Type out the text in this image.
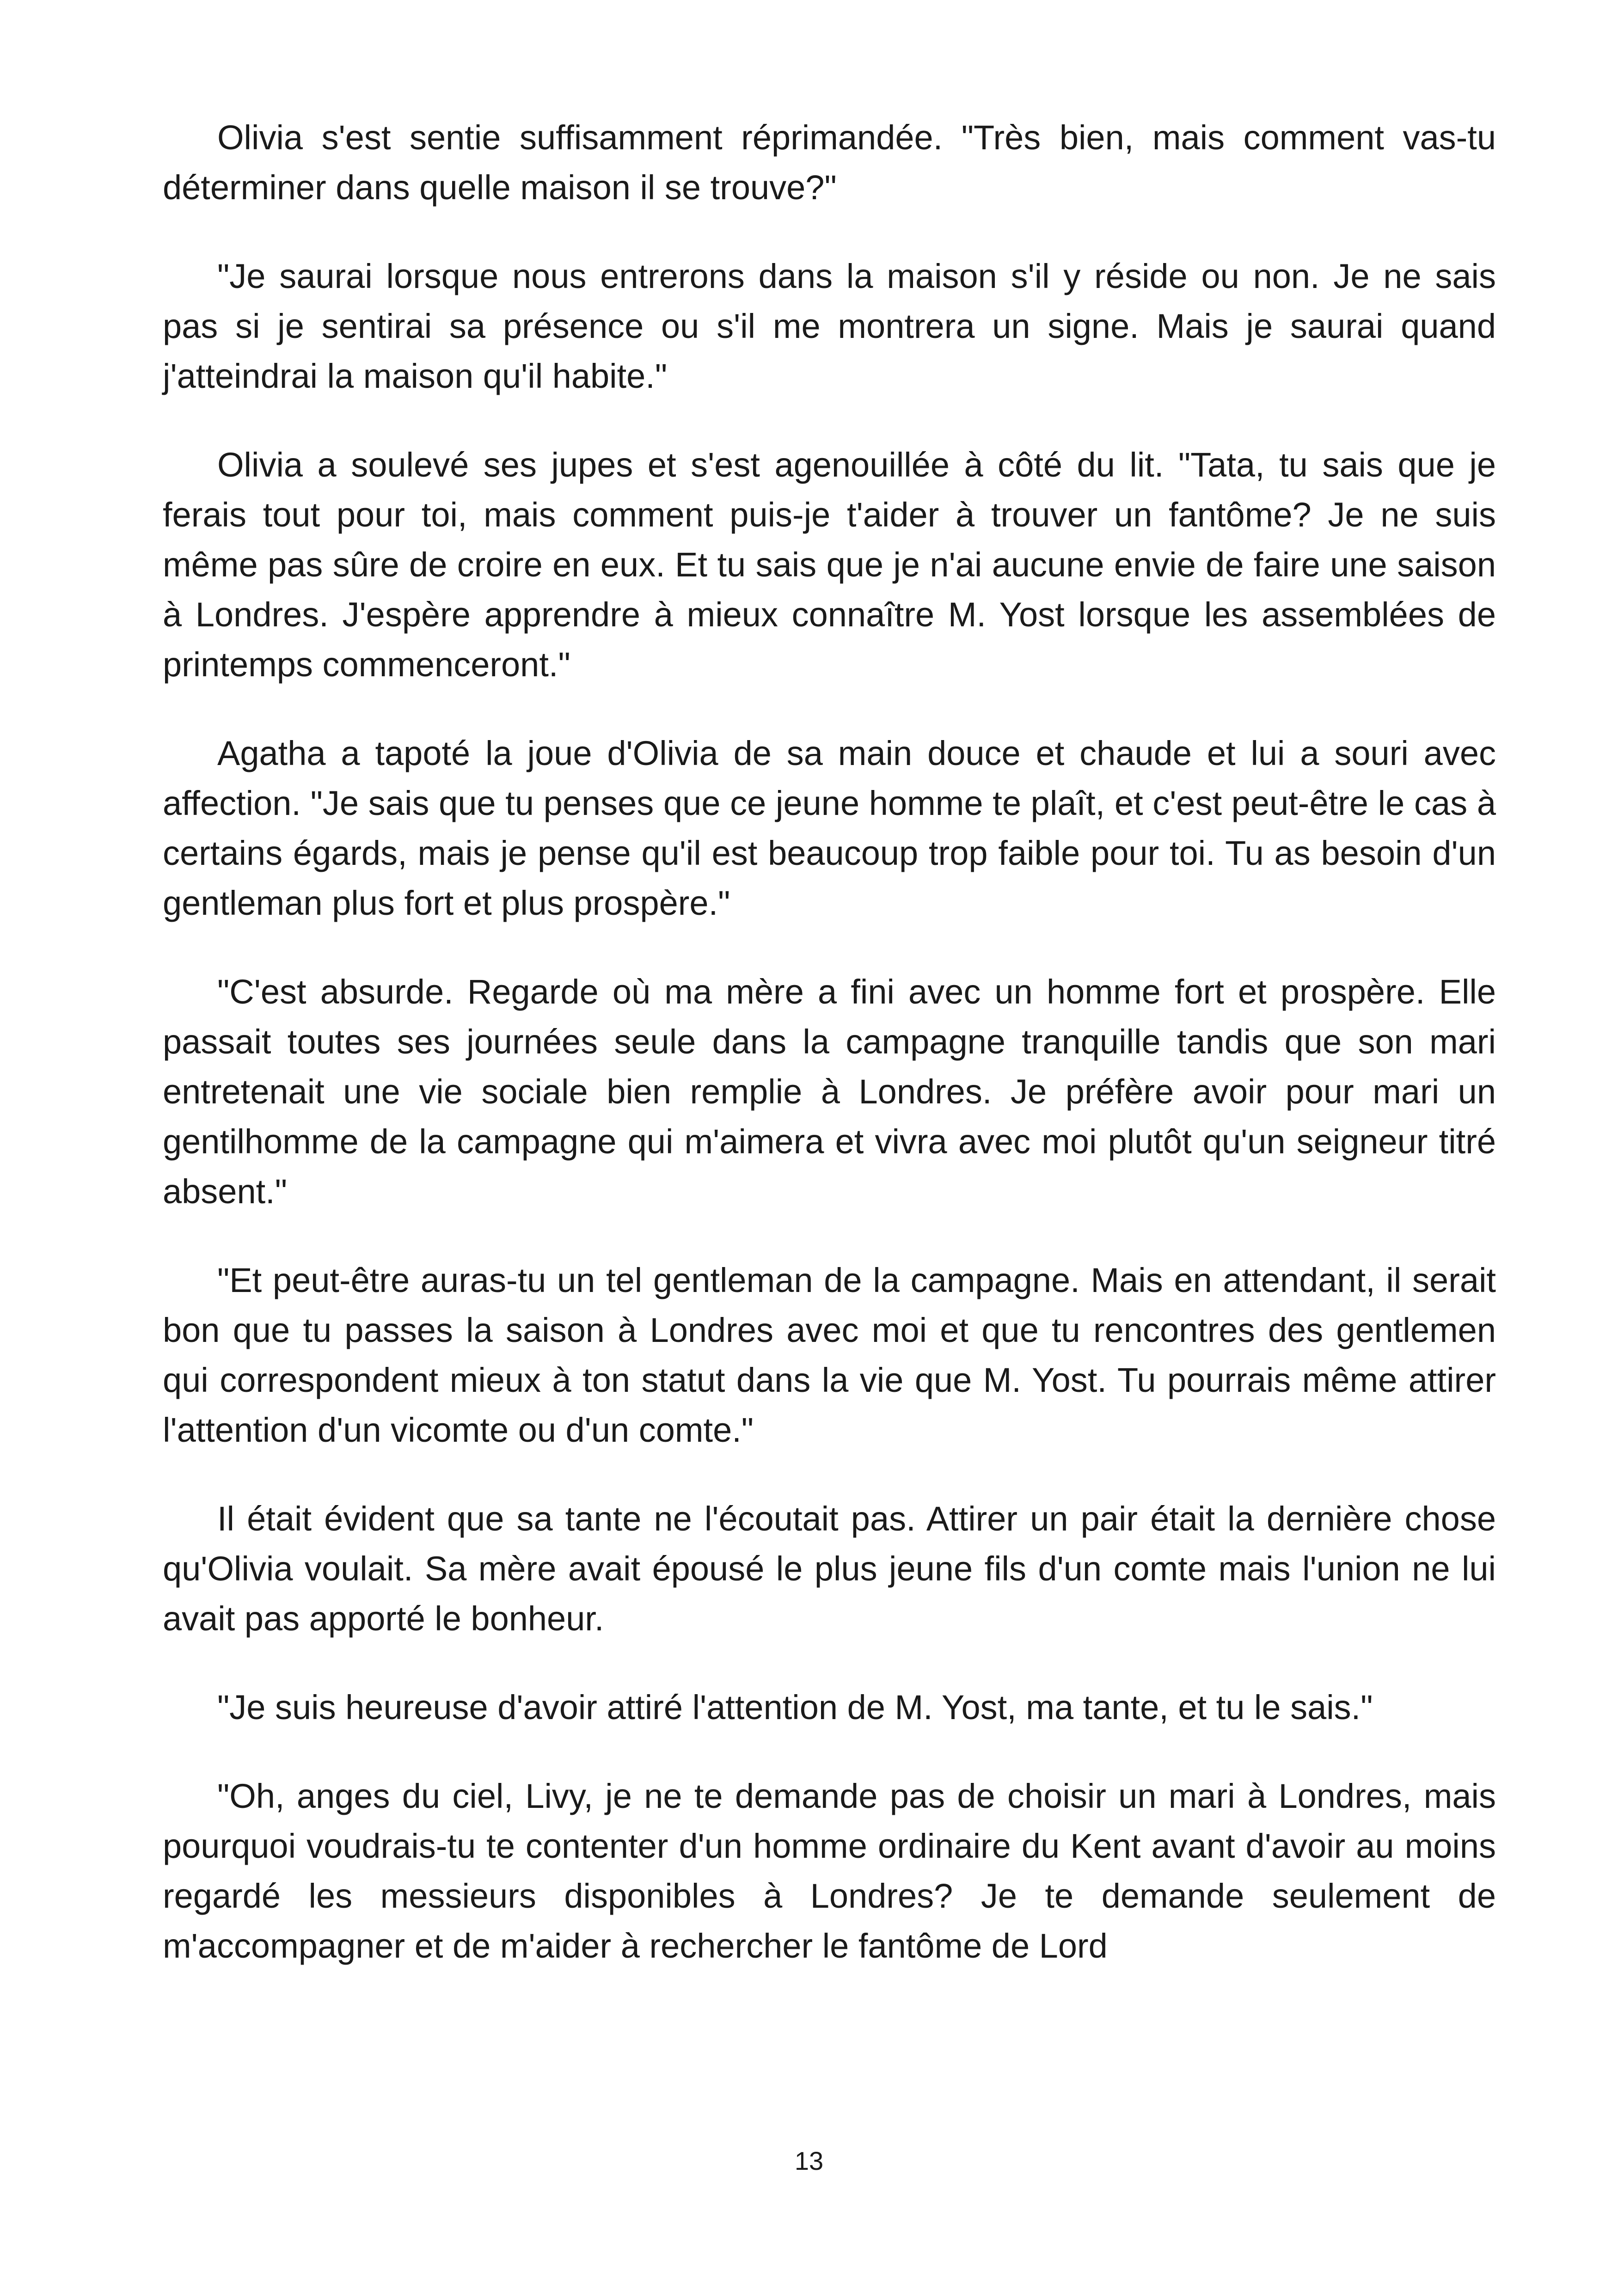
Olivia s'est sentie suffisamment réprimandée. "Très bien, mais comment vas-tu déterminer dans quelle maison il se trouve?"

"Je saurai lorsque nous entrerons dans la maison s'il y réside ou non. Je ne sais pas si je sentirai sa présence ou s'il me montrera un signe. Mais je saurai quand j'atteindrai la maison qu'il habite."

Olivia a soulevé ses jupes et s'est agenouillée à côté du lit. "Tata, tu sais que je ferais tout pour toi, mais comment puis-je t'aider à trouver un fantôme? Je ne suis même pas sûre de croire en eux. Et tu sais que je n'ai aucune envie de faire une saison à Londres. J'espère apprendre à mieux connaître M. Yost lorsque les assemblées de printemps commenceront."

Agatha a tapoté la joue d'Olivia de sa main douce et chaude et lui a souri avec affection. "Je sais que tu penses que ce jeune homme te plaît, et c'est peut-être le cas à certains égards, mais je pense qu'il est beaucoup trop faible pour toi. Tu as besoin d'un gentleman plus fort et plus prospère."

"C'est absurde. Regarde où ma mère a fini avec un homme fort et prospère. Elle passait toutes ses journées seule dans la campagne tranquille tandis que son mari entretenait une vie sociale bien remplie à Londres. Je préfère avoir pour mari un gentilhomme de la campagne qui m'aimera et vivra avec moi plutôt qu'un seigneur titré absent."

"Et peut-être auras-tu un tel gentleman de la campagne. Mais en attendant, il serait bon que tu passes la saison à Londres avec moi et que tu rencontres des gentlemen qui correspondent mieux à ton statut dans la vie que M. Yost. Tu pourrais même attirer l'attention d'un vicomte ou d'un comte."

Il était évident que sa tante ne l'écoutait pas. Attirer un pair était la dernière chose qu'Olivia voulait. Sa mère avait épousé le plus jeune fils d'un comte mais l'union ne lui avait pas apporté le bonheur.

"Je suis heureuse d'avoir attiré l'attention de M. Yost, ma tante, et tu le sais."

"Oh, anges du ciel, Livy, je ne te demande pas de choisir un mari à Londres, mais pourquoi voudrais-tu te contenter d'un homme ordinaire du Kent avant d'avoir au moins regardé les messieurs disponibles à Londres? Je te demande seulement de m'accompagner et de m'aider à rechercher le fantôme de Lord

13
